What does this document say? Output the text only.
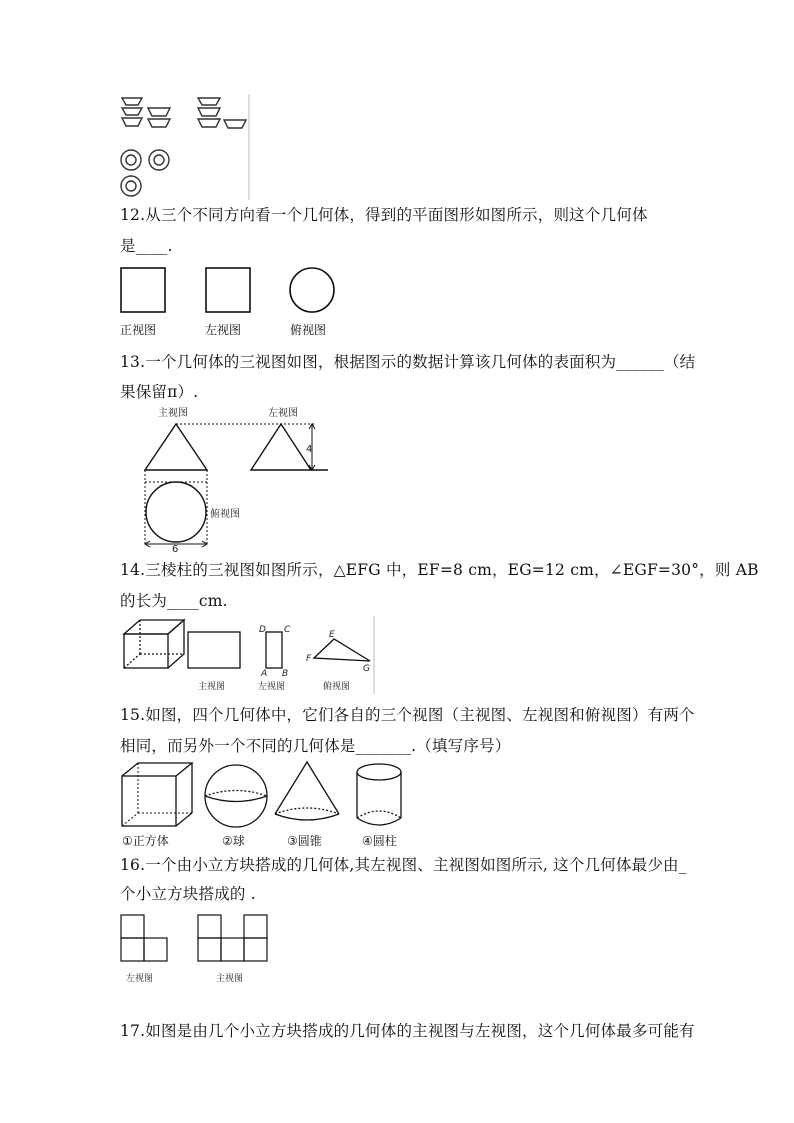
12.从三个不同方向看一个几何体，得到的平面图形如图所示，则这个几何体
是____.
正视图	左视图	俯视图
13.一个几何体的三视图如图，根据图示的数据计算该几何体的表面积为______（结
果保留π）.
主视图	左视图
俯视图
4
6
14.三棱柱的三视图如图所示，△EFG 中，EF=8 cm，EG=12 cm，∠EGF=30°，则 AB
的长为____cm.
D C
A B
E
F
G
主视图	左视图	俯视图
15.如图，四个几何体中，它们各自的三个视图（主视图、左视图和俯视图）有两个
相同，而另外一个不同的几何体是_______.（填写序号）
①正方体	②球	③圆锥	④圆柱
16.一个由小立方块搭成的几何体,其左视图、主视图如图所示, 这个几何体最少由_
个小立方块搭成的 .
左视图	主视图
17.如图是由几个小立方块搭成的几何体的主视图与左视图，这个几何体最多可能有
